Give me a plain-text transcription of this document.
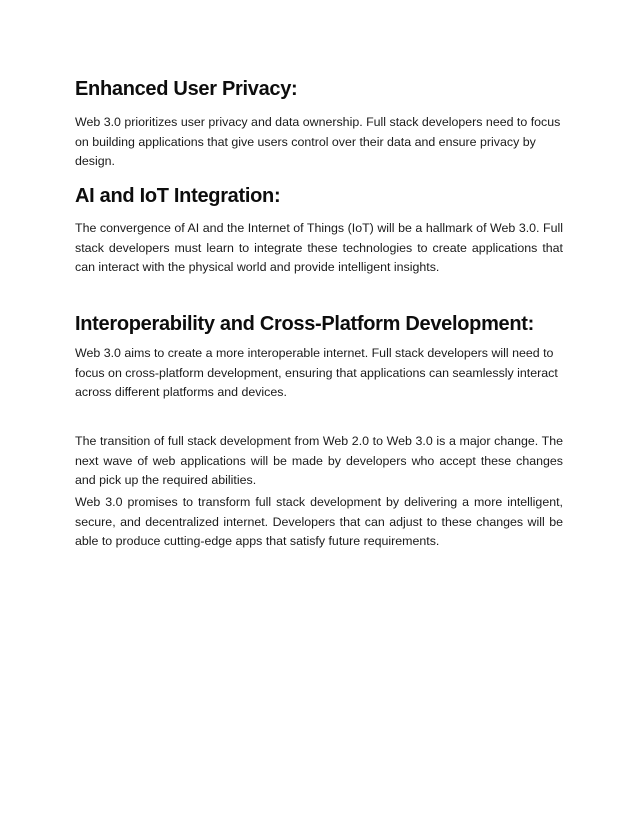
Enhanced User Privacy:

Web 3.0 prioritizes user privacy and data ownership. Full stack developers need to focus on building applications that give users control over their data and ensure privacy by design.

AI and IoT Integration:

The convergence of AI and the Internet of Things (IoT) will be a hallmark of Web 3.0. Full stack developers must learn to integrate these technologies to create applications that can interact with the physical world and provide intelligent insights.

Interoperability and Cross-Platform Development:

Web 3.0 aims to create a more interoperable internet. Full stack developers will need to focus on cross-platform development, ensuring that applications can seamlessly interact across different platforms and devices.

The transition of full stack development from Web 2.0 to Web 3.0 is a major change. The next wave of web applications will be made by developers who accept these changes and pick up the required abilities.

Web 3.0 promises to transform full stack development by delivering a more intelligent, secure, and decentralized internet. Developers that can adjust to these changes will be able to produce cutting-edge apps that satisfy future requirements.
